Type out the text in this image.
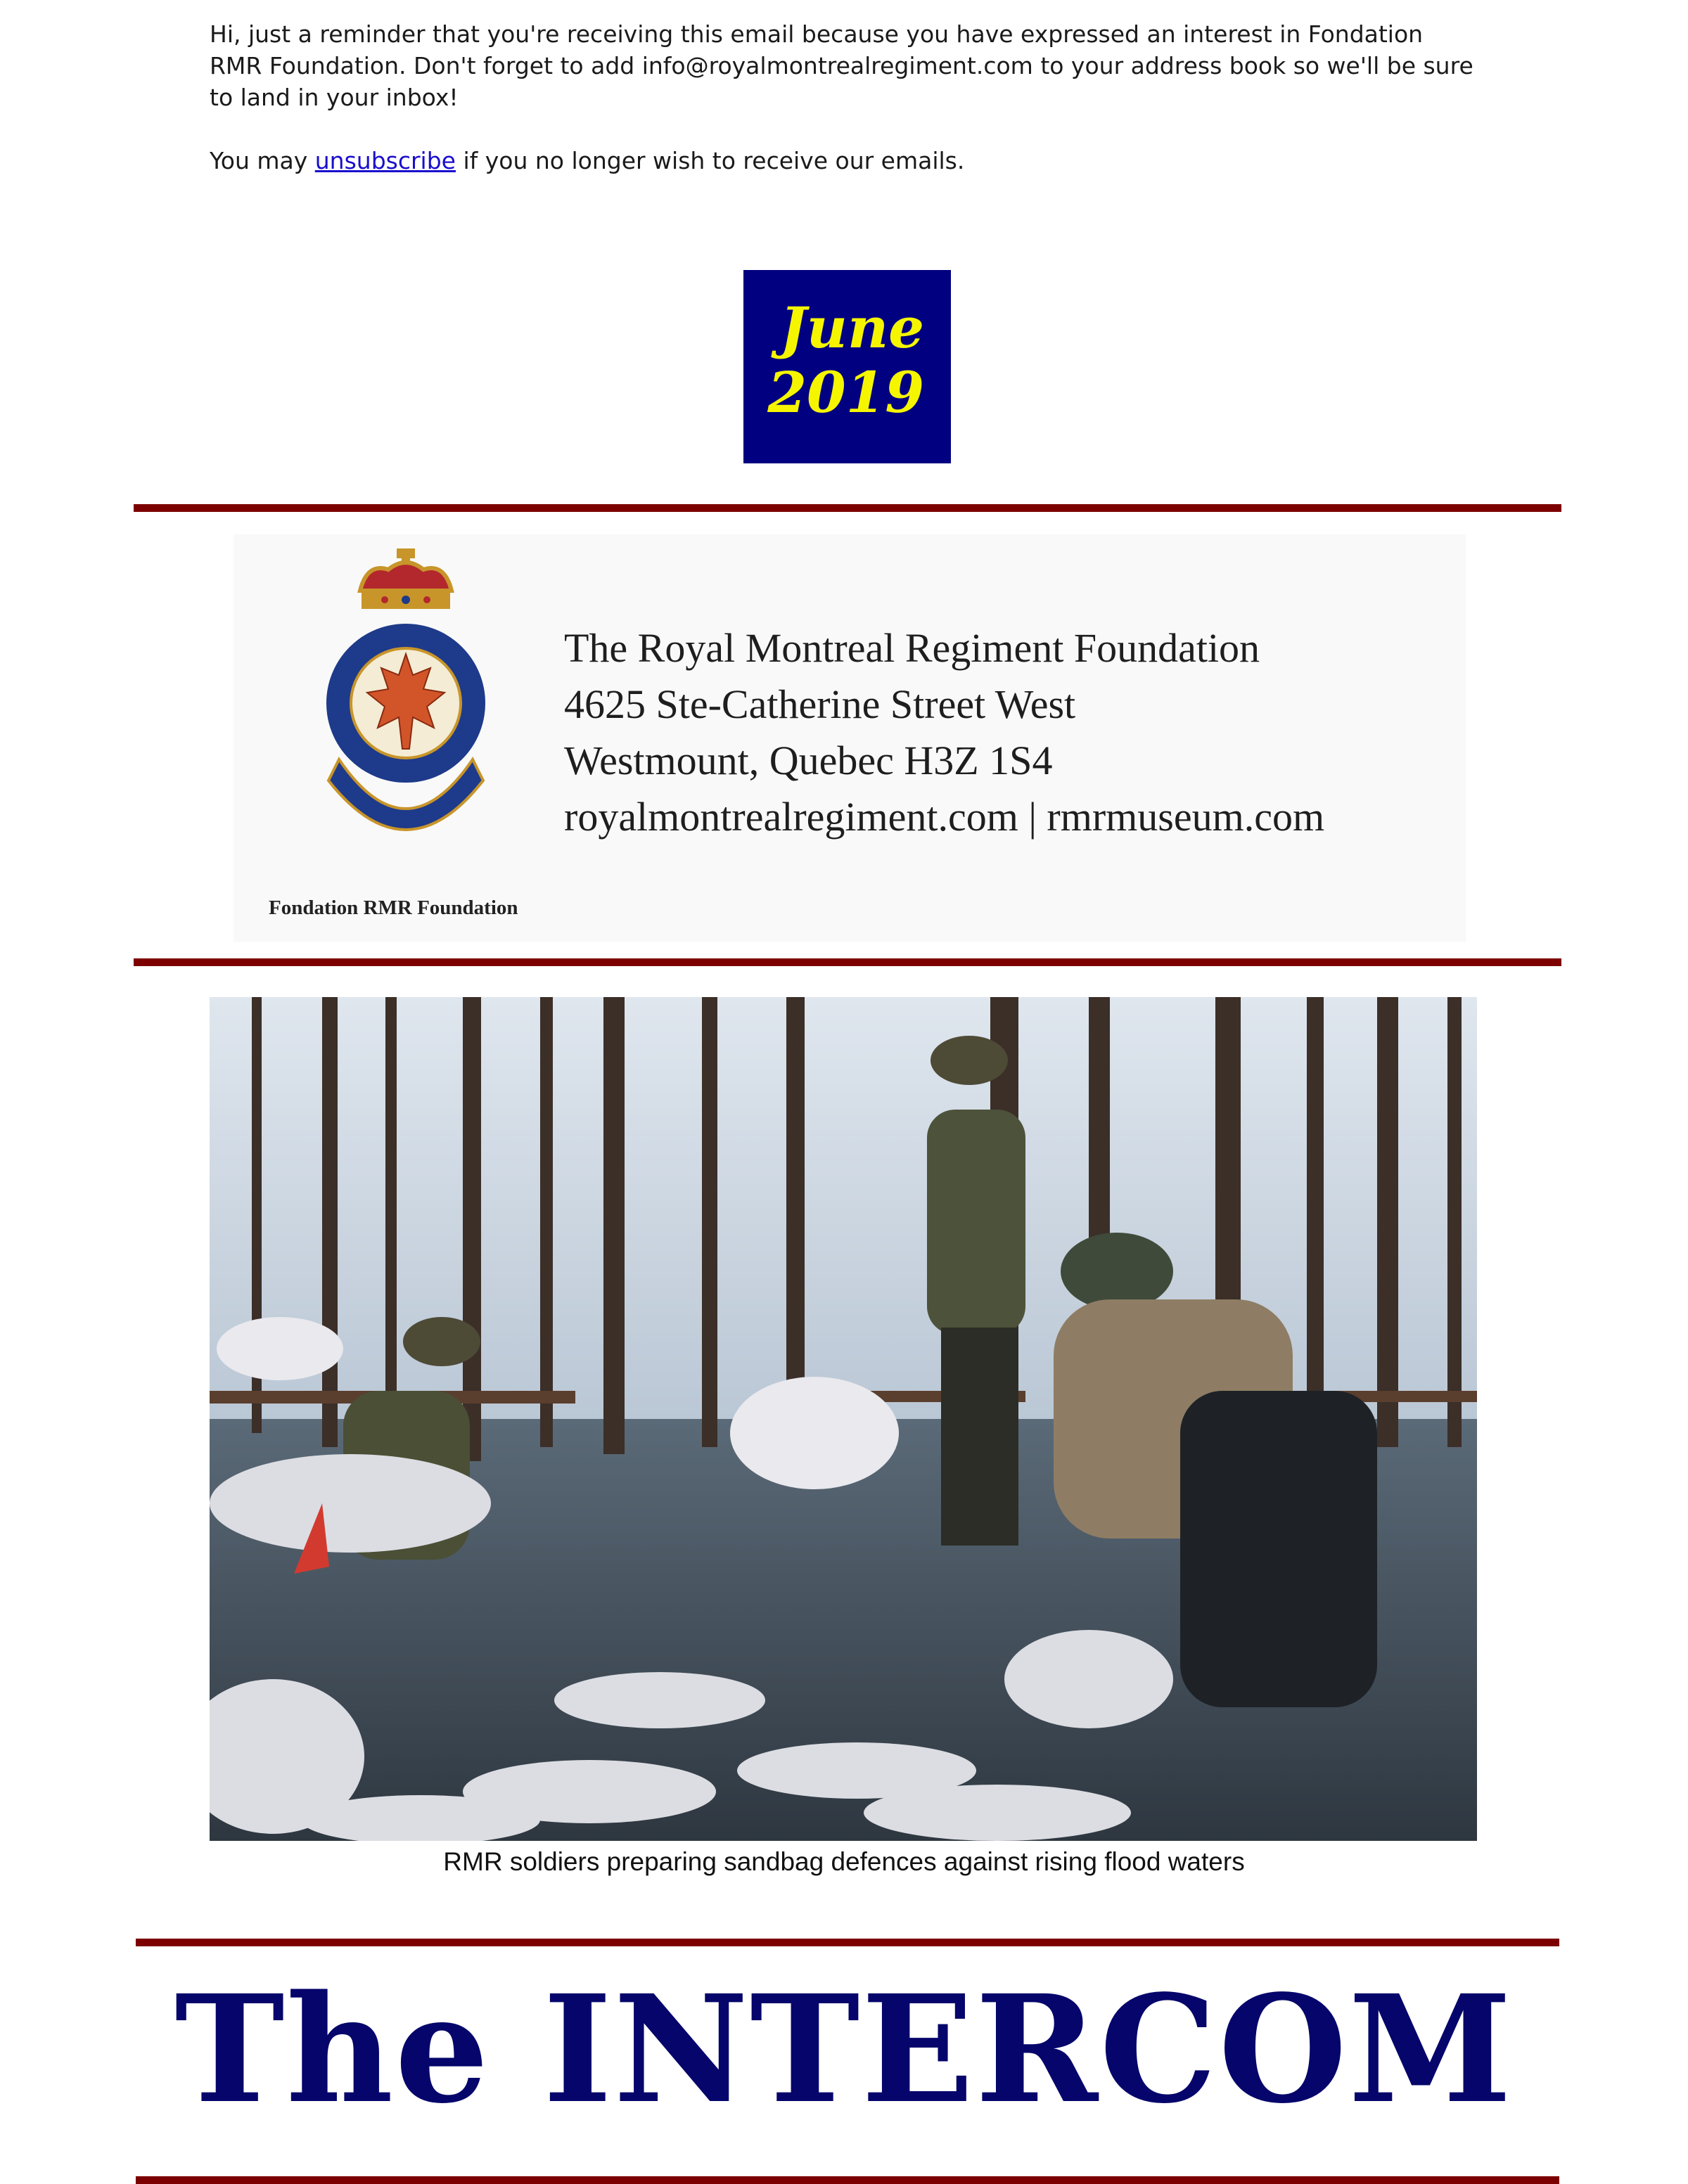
Hi, just a reminder that you're receiving this email because you have expressed an interest in Fondation RMR Foundation. Don't forget to add info@royalmontrealregiment.com to your address book so we'll be sure to land in your inbox!

You may unsubscribe if you no longer wish to receive our emails.

June
2019
The Royal Montreal Regiment Foundation
4625 Ste-Catherine Street West
Westmount, Quebec H3Z 1S4
royalmontrealregiment.com | rmrmuseum.com
Fondation RMR Foundation
RMR soldiers preparing sandbag defences against rising flood waters
The INTERCOM
